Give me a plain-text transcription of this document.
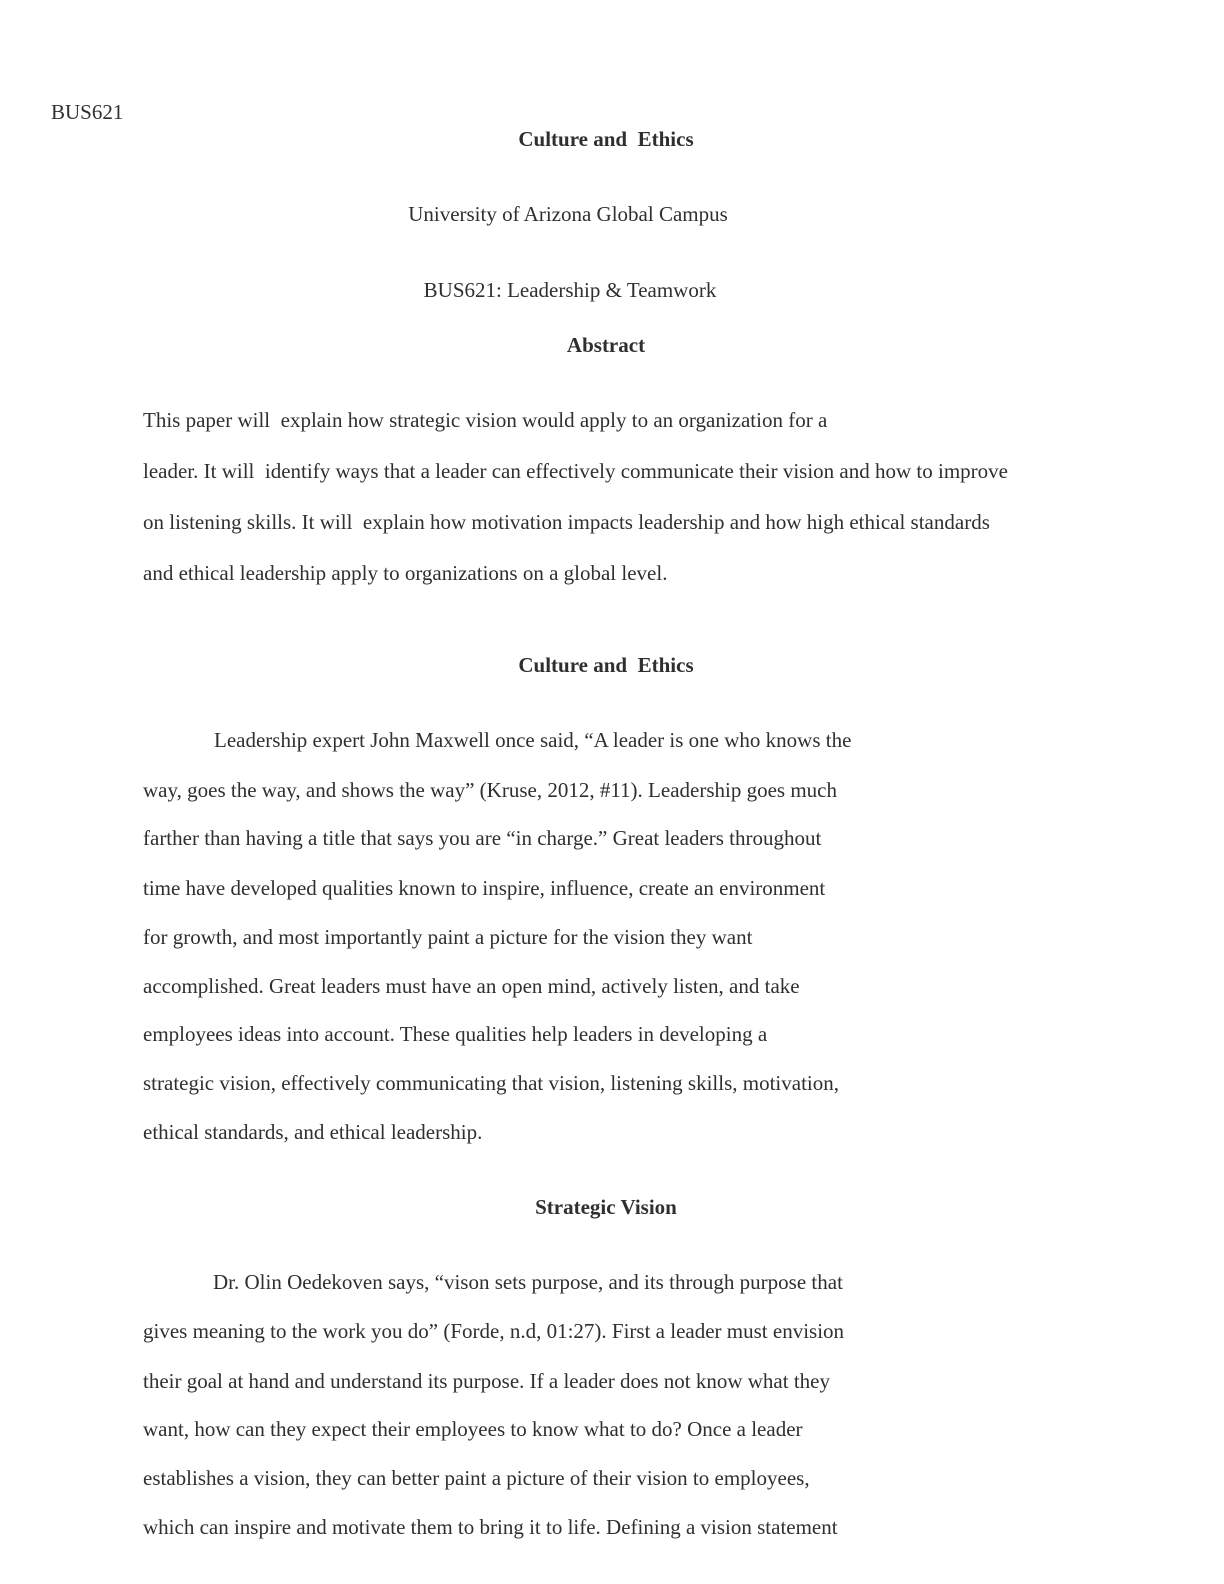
BUS621
Culture and  Ethics
University of Arizona Global Campus
BUS621: Leadership & Teamwork
Abstract
This paper will  explain how strategic vision would apply to an organization for a
leader. It will  identify ways that a leader can effectively communicate their vision and how to improve
on listening skills. It will  explain how motivation impacts leadership and how high ethical standards
and ethical leadership apply to organizations on a global level.
Culture and  Ethics
Leadership expert John Maxwell once said, “A leader is one who knows the
way, goes the way, and shows the way” (Kruse, 2012, #11). Leadership goes much
farther than having a title that says you are “in charge.” Great leaders throughout
time have developed qualities known to inspire, influence, create an environment
for growth, and most importantly paint a picture for the vision they want
accomplished. Great leaders must have an open mind, actively listen, and take
employees ideas into account. These qualities help leaders in developing a
strategic vision, effectively communicating that vision, listening skills, motivation,
ethical standards, and ethical leadership.
Strategic Vision
Dr. Olin Oedekoven says, “vison sets purpose, and its through purpose that
gives meaning to the work you do” (Forde, n.d, 01:27). First a leader must envision
their goal at hand and understand its purpose. If a leader does not know what they
want, how can they expect their employees to know what to do? Once a leader
establishes a vision, they can better paint a picture of their vision to employees,
which can inspire and motivate them to bring it to life. Defining a vision statement
